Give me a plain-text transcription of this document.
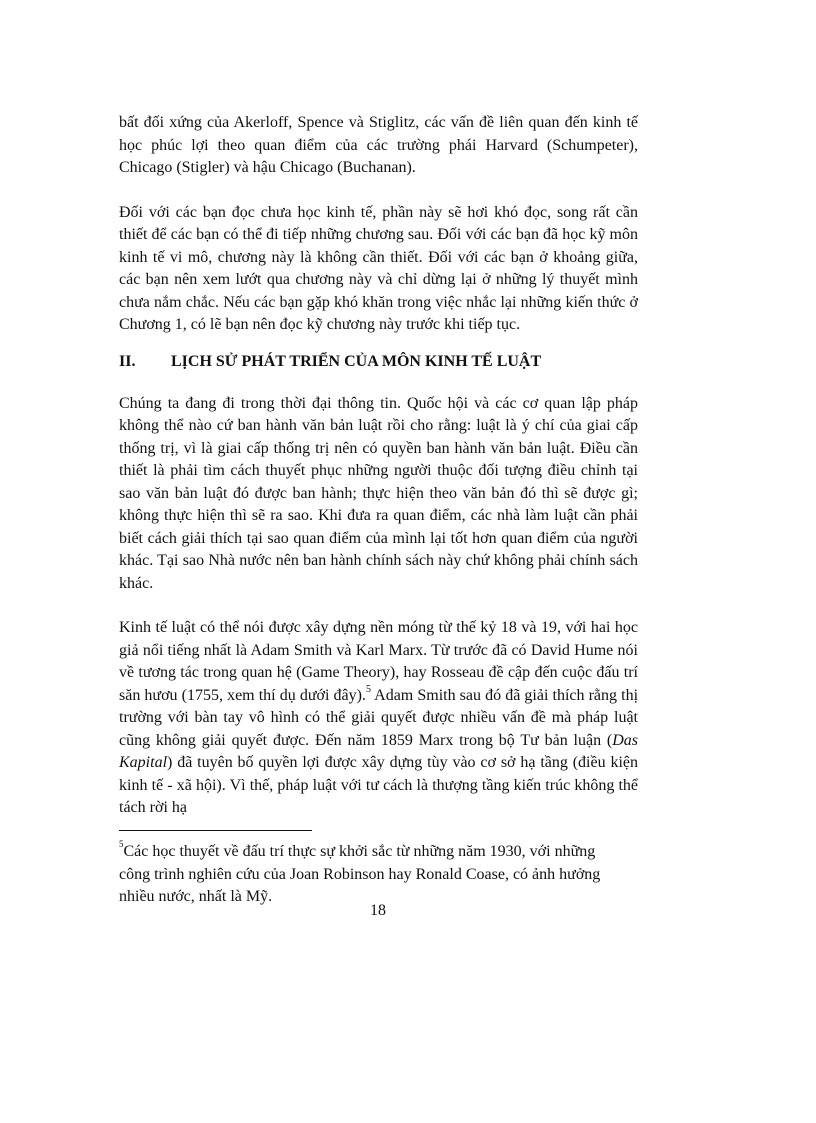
bất đối xứng của Akerloff, Spence và Stiglitz, các vấn đề liên quan đến kinh tế học phúc lợi theo quan điểm của các trường phái Harvard (Schumpeter), Chicago (Stigler) và hậu Chicago (Buchanan).

Đối với các bạn đọc chưa học kinh tế, phần này sẽ hơi khó đọc, song rất cần thiết để các bạn có thể đi tiếp những chương sau. Đối với các bạn đã học kỹ môn kinh tế vi mô, chương này là không cần thiết. Đối với các bạn ở khoảng giữa, các bạn nên xem lướt qua chương này và chỉ dừng lại ở những lý thuyết mình chưa nắm chắc. Nếu các bạn gặp khó khăn trong việc nhắc lại những kiến thức ở Chương 1, có lẽ bạn nên đọc kỹ chương này trước khi tiếp tục.

II.	LỊCH SỬ PHÁT TRIỂN CỦA MÔN KINH TẾ LUẬT

Chúng ta đang đi trong thời đại thông tin. Quốc hội và các cơ quan lập pháp không thể nào cứ ban hành văn bản luật rồi cho rằng: luật là ý chí của giai cấp thống trị, vì là giai cấp thống trị nên có quyền ban hành văn bản luật. Điều cần thiết là phải tìm cách thuyết phục những người thuộc đối tượng điều chỉnh tại sao văn bản luật đó được ban hành; thực hiện theo văn bản đó thì sẽ được gì; không thực hiện thì sẽ ra sao. Khi đưa ra quan điểm, các nhà làm luật cần phải biết cách giải thích tại sao quan điểm của mình lại tốt hơn quan điểm của người khác. Tại sao Nhà nước nên ban hành chính sách này chứ không phải chính sách khác.

Kinh tế luật có thể nói được xây dựng nền móng từ thế kỷ 18 và 19, với hai học giả nổi tiếng nhất là Adam Smith và Karl Marx. Từ trước đã có David Hume nói về tương tác trong quan hệ (Game Theory), hay Rosseau đề cập đến cuộc đấu trí săn hươu (1755, xem thí dụ dưới đây).$^5$ Adam Smith sau đó đã giải thích rằng thị trường với bàn tay vô hình có thể giải quyết được nhiều vấn đề mà pháp luật cũng không giải quyết được. Đến năm 1859 Marx trong bộ Tư bản luận (Das Kapital) đã tuyên bố quyền lợi được xây dựng tùy vào cơ sở hạ tầng (điều kiện kinh tế - xã hội). Vì thế, pháp luật với tư cách là thượng tầng kiến trúc không thể tách rời hạ

$^5$Các học thuyết về đấu trí thực sự khởi sắc từ những năm 1930, với những công trình nghiên cứu của Joan Robinson hay Ronald Coase, có ảnh hưởng nhiều nước, nhất là Mỹ.

18
